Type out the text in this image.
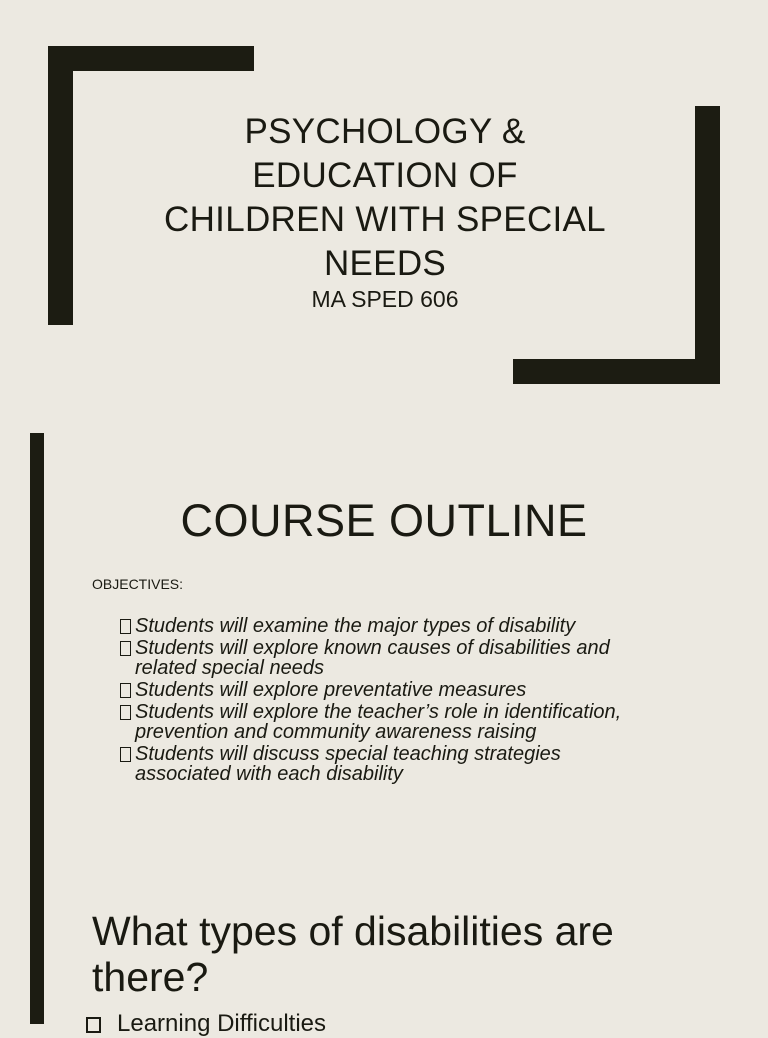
PSYCHOLOGY &
EDUCATION OF
CHILDREN WITH SPECIAL
NEEDS
MA SPED 606
COURSE OUTLINE
OBJECTIVES:
Students will examine the major types of disability
Students will explore known causes of disabilities and
related special needs
Students will explore preventative measures
Students will explore the teacher’s role in identification,
prevention and community awareness raising
Students will discuss special teaching strategies
associated with each disability
What types of disabilities are
there?
Learning Difficulties
